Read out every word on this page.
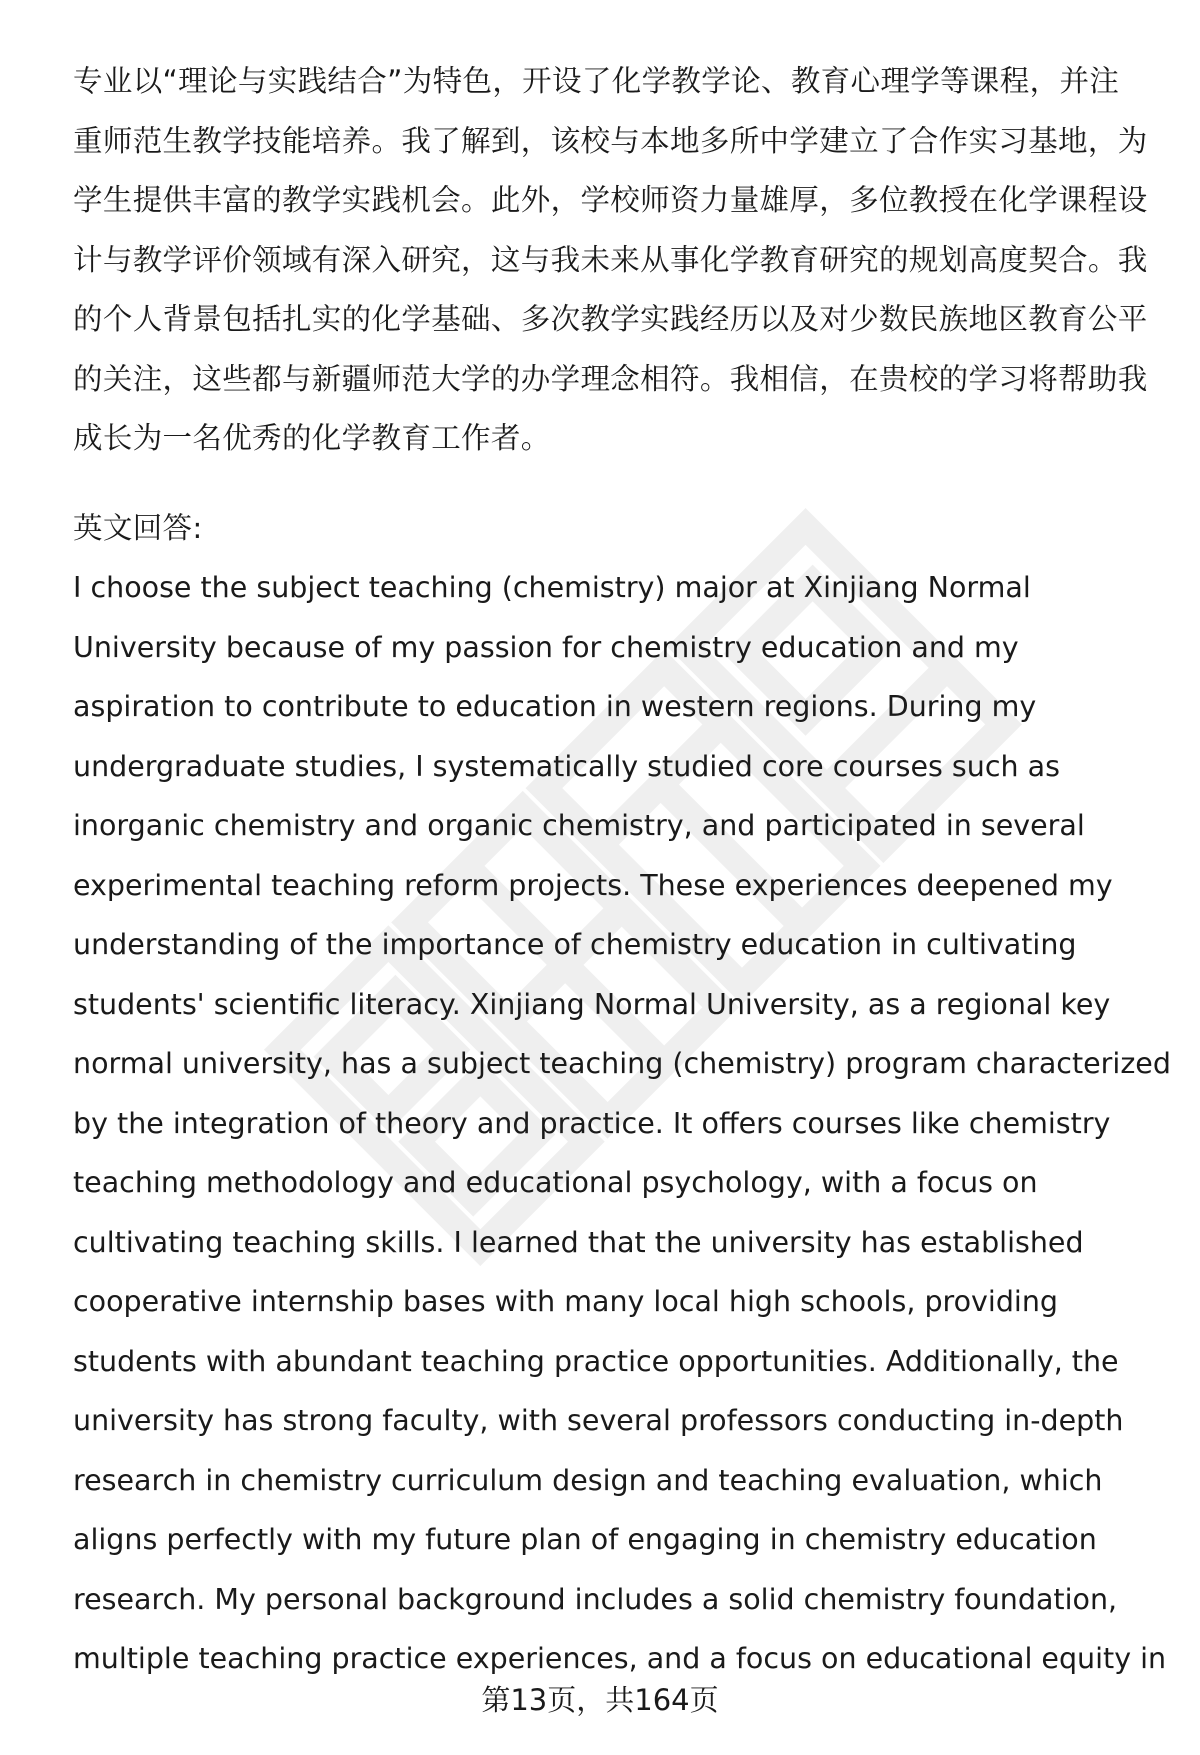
专业以“理论与实践结合”为特色，开设了化学教学论、教育心理学等课程，并注
重师范生教学技能培养。我了解到，该校与本地多所中学建立了合作实习基地，为
学生提供丰富的教学实践机会。此外，学校师资力量雄厚，多位教授在化学课程设
计与教学评价领域有深入研究，这与我未来从事化学教育研究的规划高度契合。我
的个人背景包括扎实的化学基础、多次教学实践经历以及对少数民族地区教育公平
的关注，这些都与新疆师范大学的办学理念相符。我相信，在贵校的学习将帮助我
成长为一名优秀的化学教育工作者。
英文回答:
I choose the subject teaching (chemistry) major at Xinjiang Normal
University because of my passion for chemistry education and my
aspiration to contribute to education in western regions. During my
undergraduate studies, I systematically studied core courses such as
inorganic chemistry and organic chemistry, and participated in several
experimental teaching reform projects. These experiences deepened my
understanding of the importance of chemistry education in cultivating
students' scientific literacy. Xinjiang Normal University, as a regional key
normal university, has a subject teaching (chemistry) program characterized
by the integration of theory and practice. It offers courses like chemistry
teaching methodology and educational psychology, with a focus on
cultivating teaching skills. I learned that the university has established
cooperative internship bases with many local high schools, providing
students with abundant teaching practice opportunities. Additionally, the
university has strong faculty, with several professors conducting in-depth
research in chemistry curriculum design and teaching evaluation, which
aligns perfectly with my future plan of engaging in chemistry education
research. My personal background includes a solid chemistry foundation,
multiple teaching practice experiences, and a focus on educational equity in
第13页，共164页
